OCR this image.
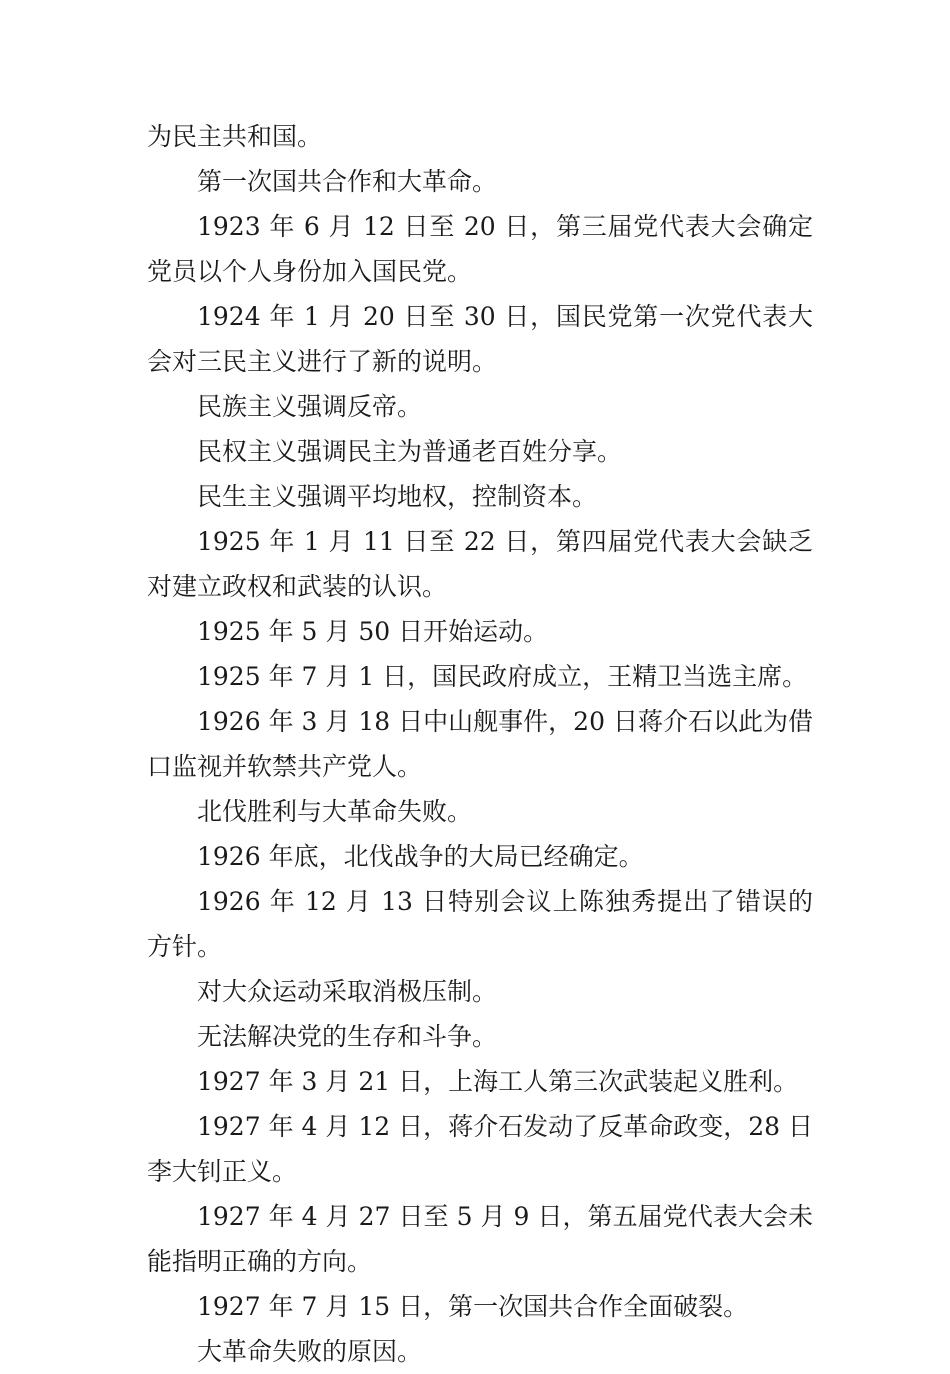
为民主共和国。

第一次国共合作和大革命。

1923 年 6 月 12 日至 20 日，第三届党代表大会确定党员以个人身份加入国民党。

1924 年 1 月 20 日至 30 日，国民党第一次党代表大会对三民主义进行了新的说明。

民族主义强调反帝。

民权主义强调民主为普通老百姓分享。

民生主义强调平均地权，控制资本。

1925 年 1 月 11 日至 22 日，第四届党代表大会缺乏对建立政权和武装的认识。

1925 年 5 月 50 日开始运动。

1925 年 7 月 1 日，国民政府成立，王精卫当选主席。

1926 年 3 月 18 日中山舰事件，20 日蒋介石以此为借口监视并软禁共产党人。

北伐胜利与大革命失败。

1926 年底，北伐战争的大局已经确定。

1926 年 12 月 13 日特别会议上陈独秀提出了错误的方针。

对大众运动采取消极压制。

无法解决党的生存和斗争。

1927 年 3 月 21 日，上海工人第三次武装起义胜利。

1927 年 4 月 12 日，蒋介石发动了反革命政变，28 日李大钊正义。

1927 年 4 月 27 日至 5 月 9 日，第五届党代表大会未能指明正确的方向。

1927 年 7 月 15 日，第一次国共合作全面破裂。

大革命失败的原因。
